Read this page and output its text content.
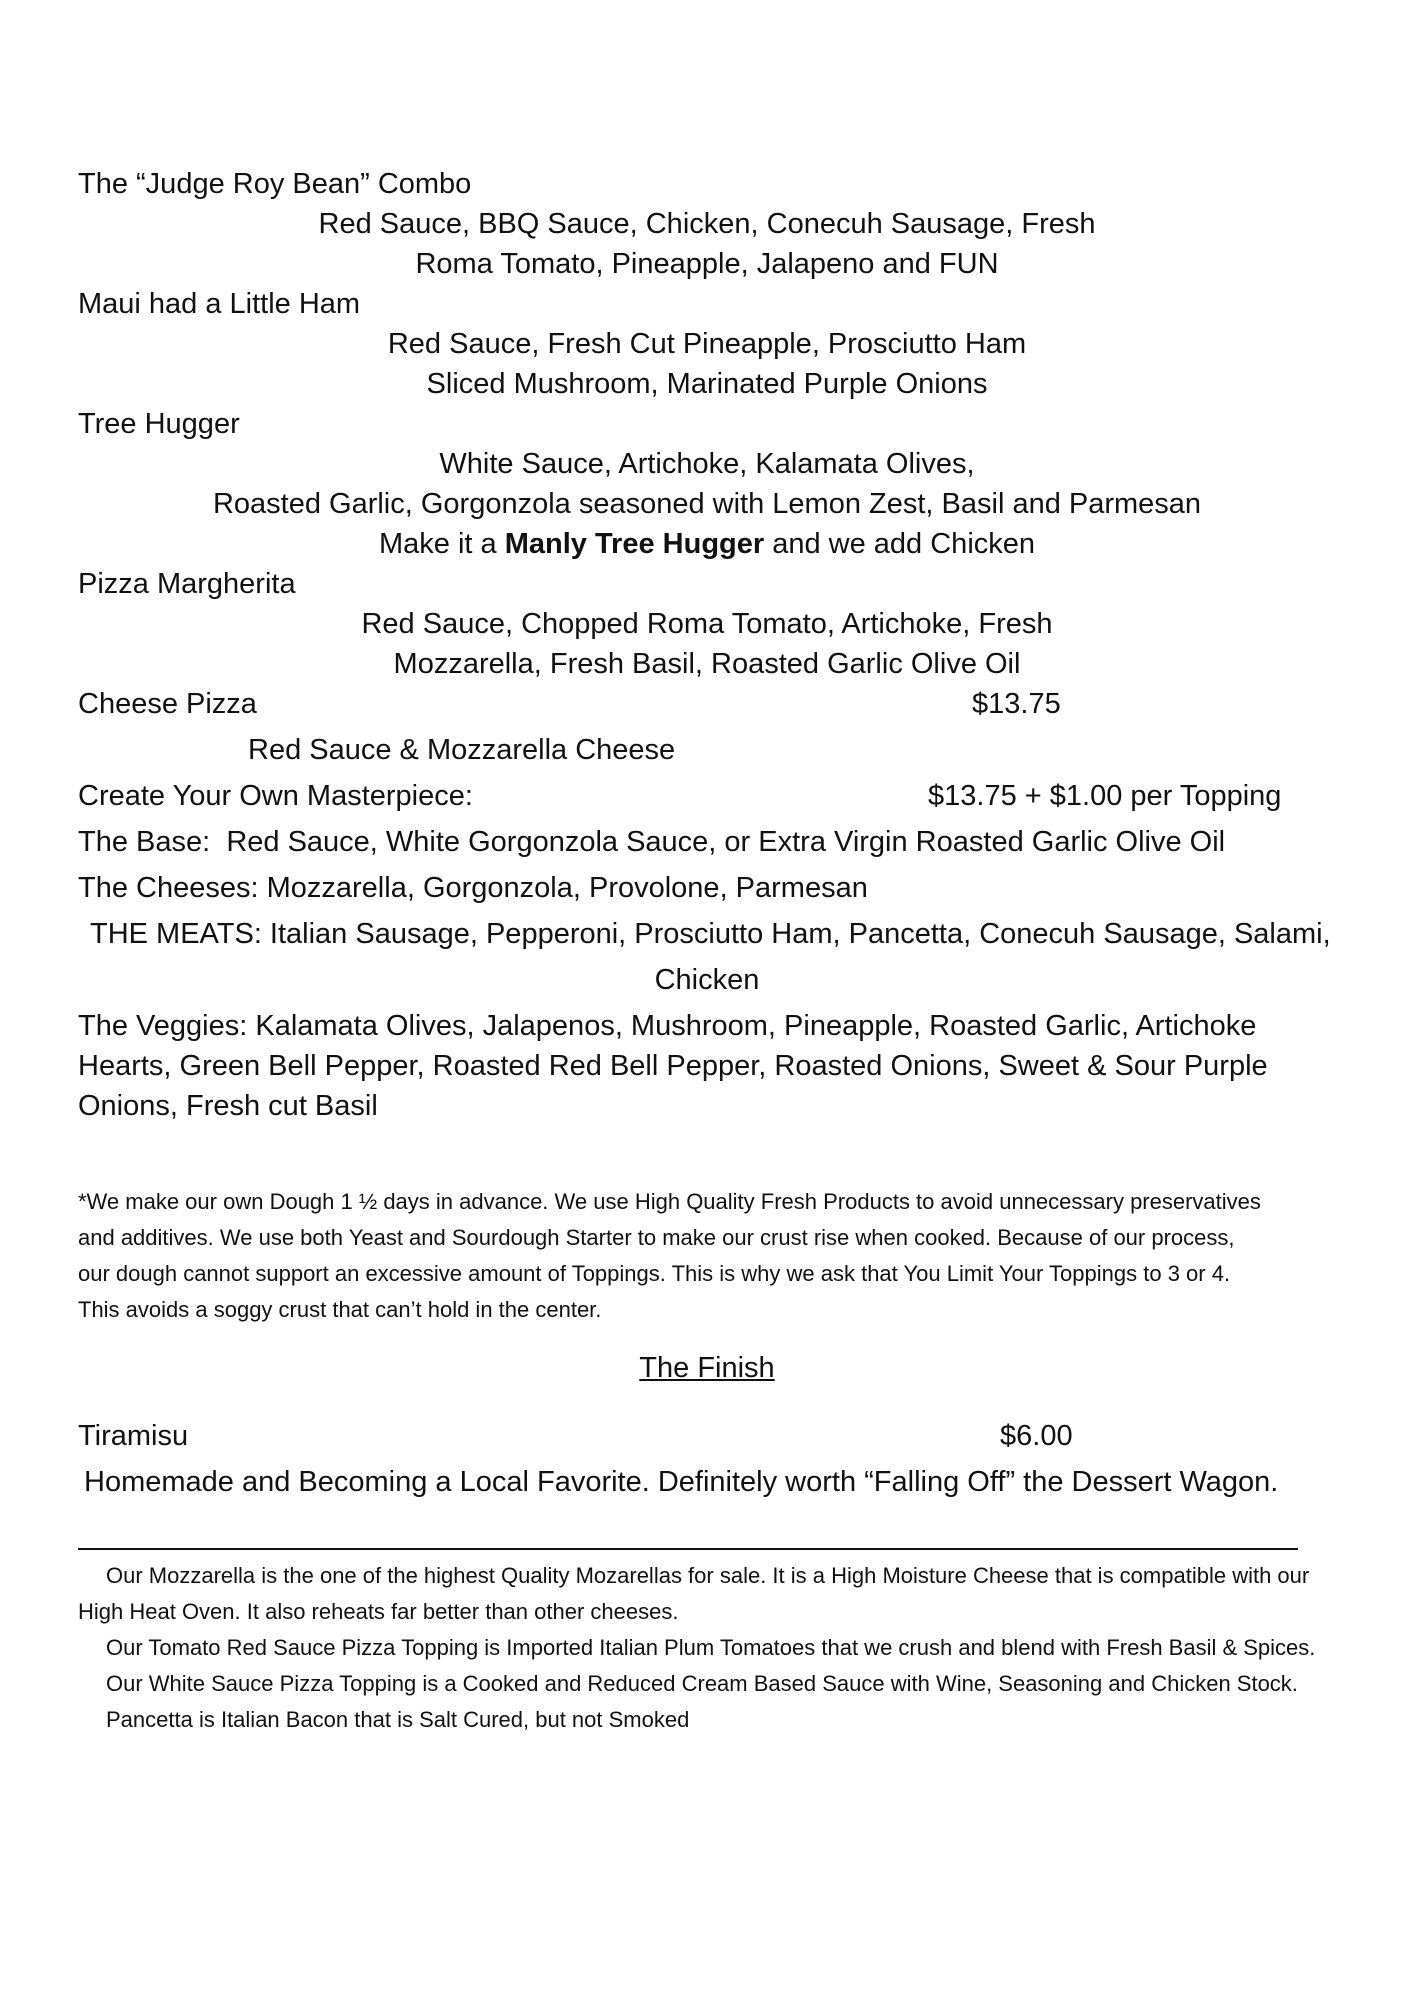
The “Judge Roy Bean” Combo
Red Sauce, BBQ Sauce, Chicken, Conecuh Sausage, Fresh
Roma Tomato, Pineapple, Jalapeno and FUN
Maui had a Little Ham
Red Sauce, Fresh Cut Pineapple, Prosciutto Ham
Sliced Mushroom, Marinated Purple Onions
Tree Hugger
White Sauce, Artichoke, Kalamata Olives,
Roasted Garlic, Gorgonzola seasoned with Lemon Zest, Basil and Parmesan
Make it a Manly Tree Hugger and we add Chicken
Pizza Margherita
Red Sauce, Chopped Roma Tomato, Artichoke, Fresh
Mozzarella, Fresh Basil, Roasted Garlic Olive Oil
Cheese Pizza	$13.75
Red Sauce & Mozzarella Cheese
Create Your Own Masterpiece:	$13.75 + $1.00 per Topping
The Base: Red Sauce, White Gorgonzola Sauce, or Extra Virgin Roasted Garlic Olive Oil
The Cheeses: Mozzarella, Gorgonzola, Provolone, Parmesan
THE MEATS: Italian Sausage, Pepperoni, Prosciutto Ham, Pancetta, Conecuh Sausage, Salami,
Chicken
The Veggies: Kalamata Olives, Jalapenos, Mushroom, Pineapple, Roasted Garlic, Artichoke
Hearts, Green Bell Pepper, Roasted Red Bell Pepper, Roasted Onions, Sweet & Sour Purple
Onions, Fresh cut Basil

*We make our own Dough 1 ½ days in advance. We use High Quality Fresh Products to avoid unnecessary preservatives

and additives. We use both Yeast and Sourdough Starter to make our crust rise when cooked. Because of our process,

our dough cannot support an excessive amount of Toppings. This is why we ask that You Limit Your Toppings to 3 or 4.

This avoids a soggy crust that can’t hold in the center.

The Finish
Tiramisu	$6.00
Homemade and Becoming a Local Favorite. Definitely worth “Falling Off” the Dessert Wagon.

Our Mozzarella is the one of the highest Quality Mozarellas for sale. It is a High Moisture Cheese that is compatible with our High Heat Oven. It also reheats far better than other cheeses.

Our Tomato Red Sauce Pizza Topping is Imported Italian Plum Tomatoes that we crush and blend with Fresh Basil & Spices.

Our White Sauce Pizza Topping is a Cooked and Reduced Cream Based Sauce with Wine, Seasoning and Chicken Stock.

Pancetta is Italian Bacon that is Salt Cured, but not Smoked
